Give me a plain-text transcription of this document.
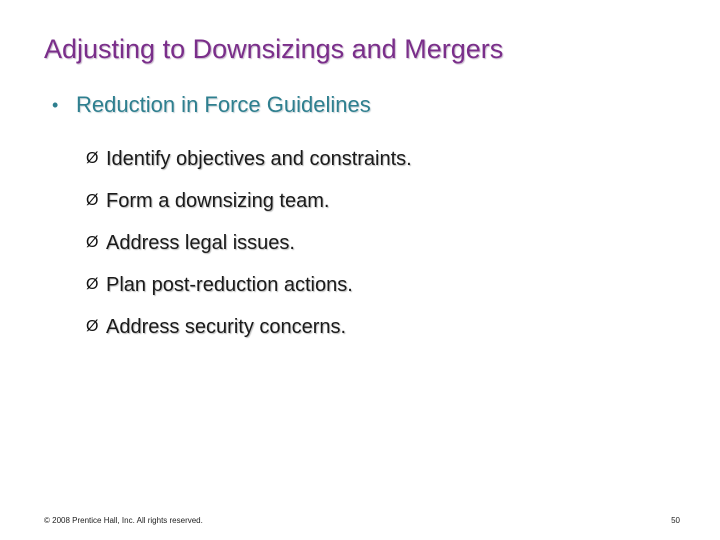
Adjusting to Downsizings and Mergers
• Reduction in Force Guidelines
Ø Identify objectives and constraints.
Ø Form a downsizing team.
Ø Address legal issues.
Ø Plan post-reduction actions.
Ø Address security concerns.
© 2008 Prentice Hall, Inc. All rights reserved.	50
